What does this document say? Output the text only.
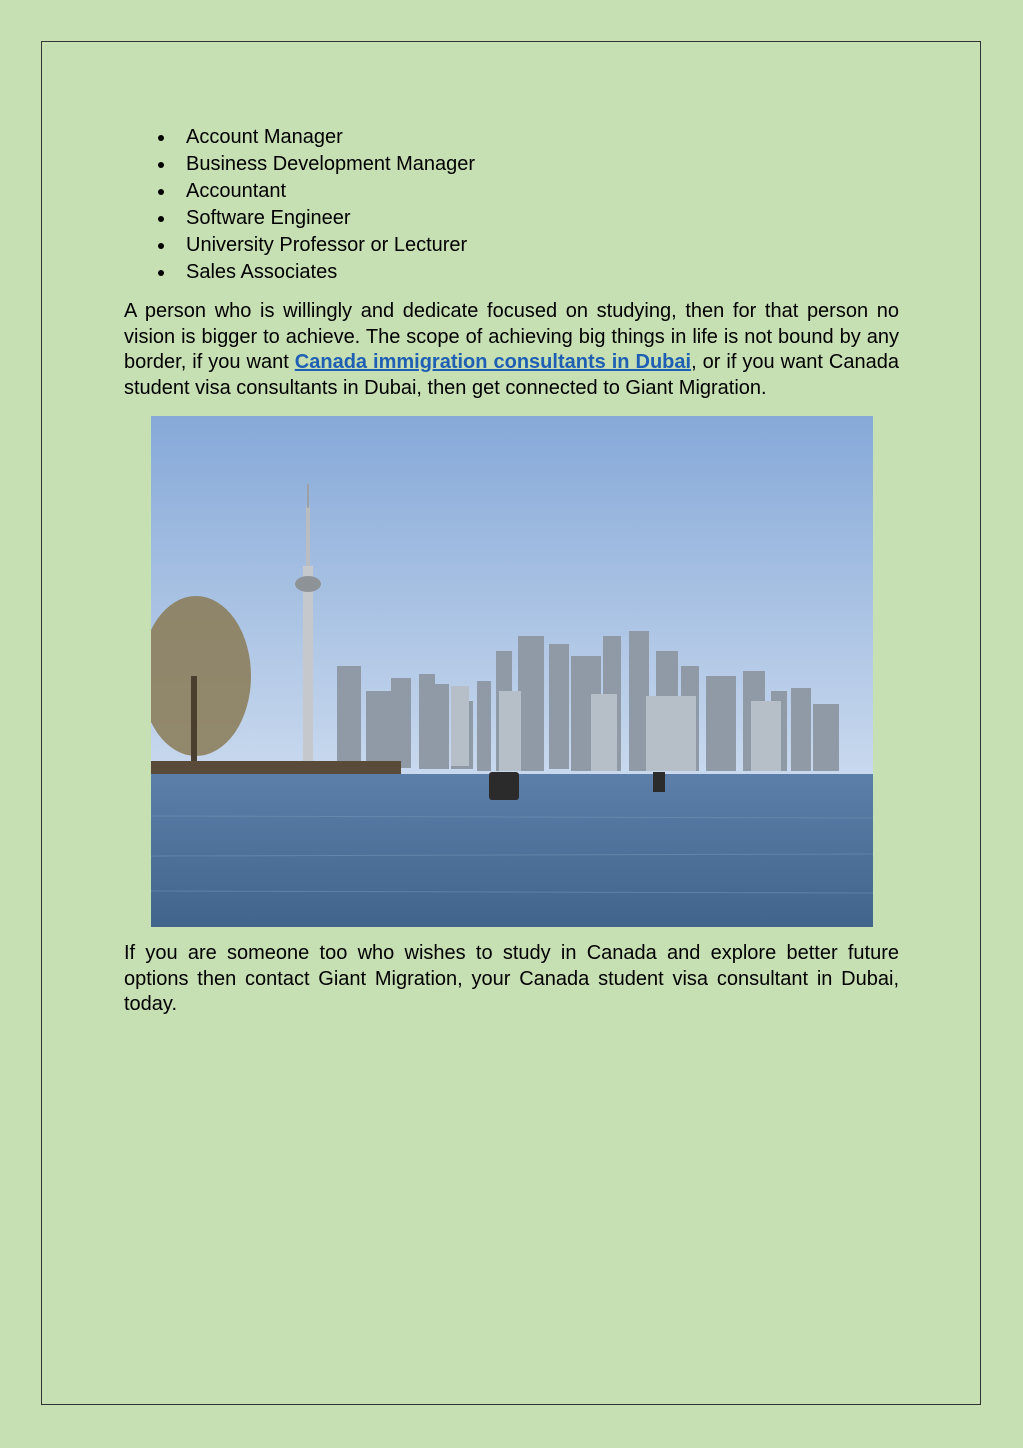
Account Manager
Business Development Manager
Accountant
Software Engineer
University Professor or Lecturer
Sales Associates

A person who is willingly and dedicate focused on studying, then for that person no vision is bigger to achieve. The scope of achieving big things in life is not bound by any border, if you want Canada immigration consultants in Dubai, or if you want Canada student visa consultants in Dubai, then get connected to Giant Migration.

If you are someone too who wishes to study in Canada and explore better future options then contact Giant Migration, your Canada student visa consultant in Dubai, today.
